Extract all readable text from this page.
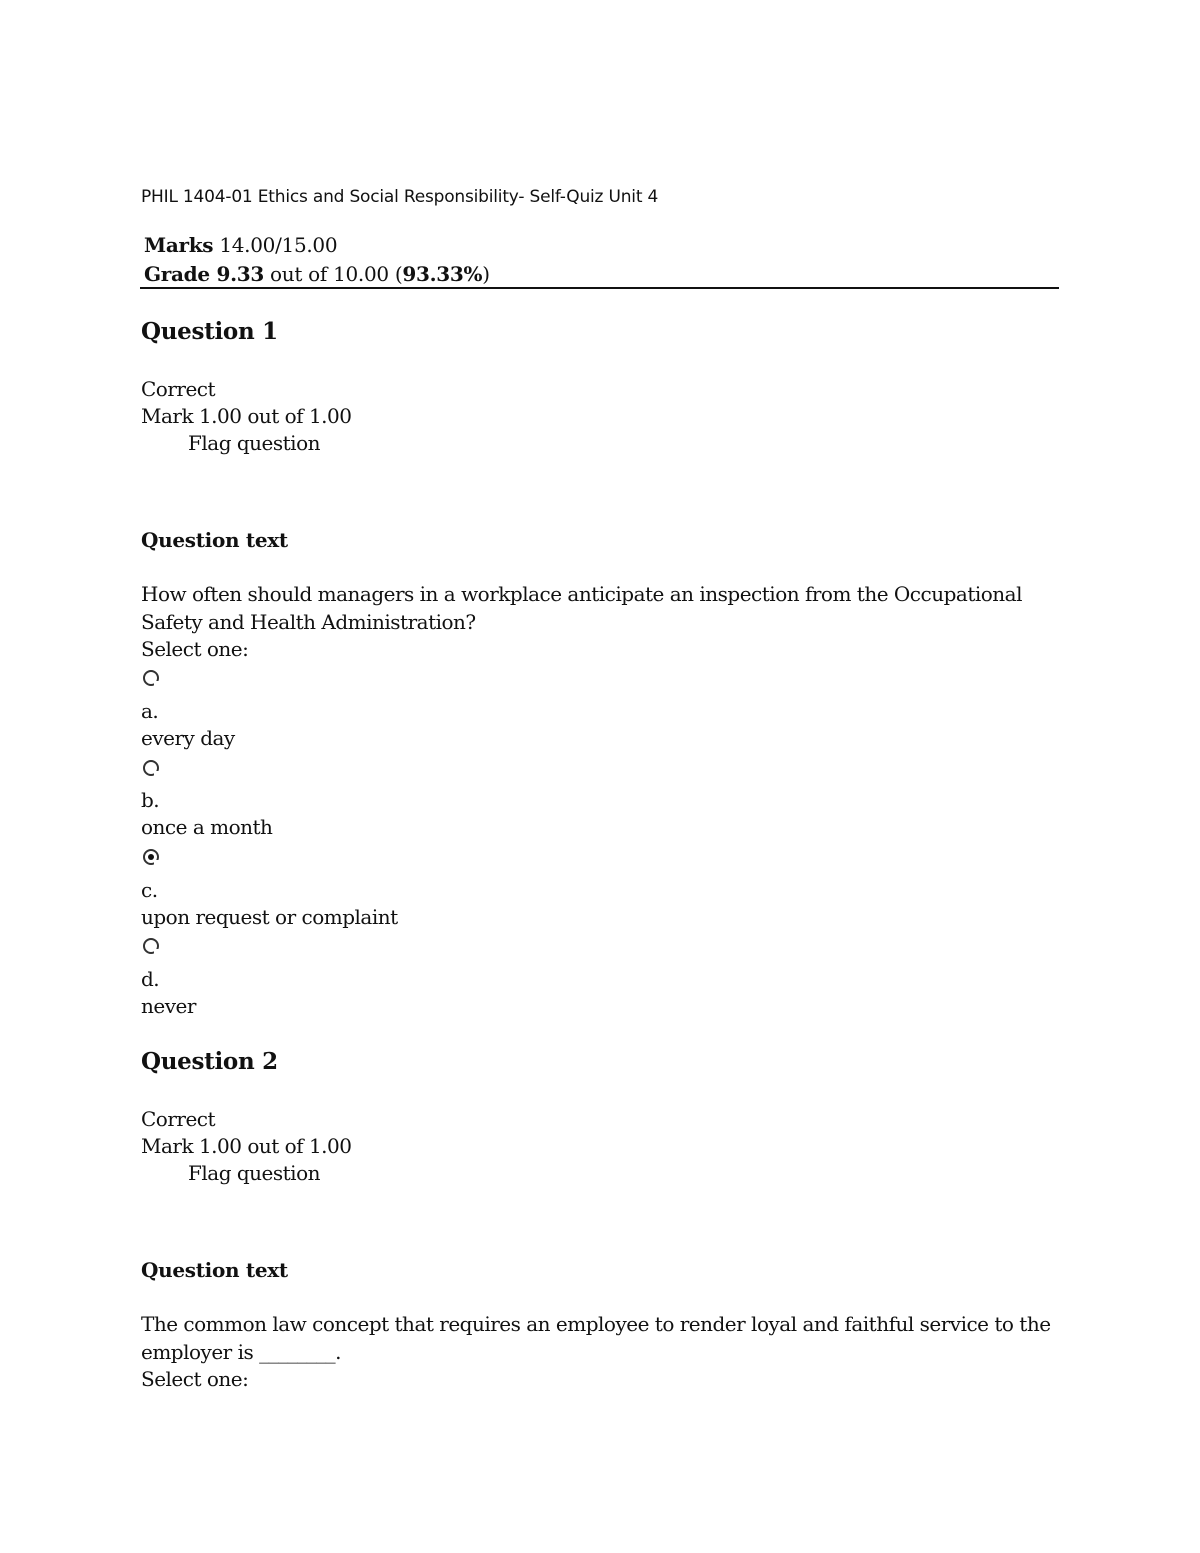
PHIL 1404-01 Ethics and Social Responsibility- Self-Quiz Unit 4
Marks 14.00/15.00
Grade 9.33 out of 10.00 (93.33%)
Question 1
Correct
Mark 1.00 out of 1.00
Flag question
Question text
How often should managers in a workplace anticipate an inspection from the Occupational
Safety and Health Administration?
Select one:
a.
every day
b.
once a month
c.
upon request or complaint
d.
never
Question 2
Correct
Mark 1.00 out of 1.00
Flag question
Question text
The common law concept that requires an employee to render loyal and faithful service to the
employer is ________.
Select one:
